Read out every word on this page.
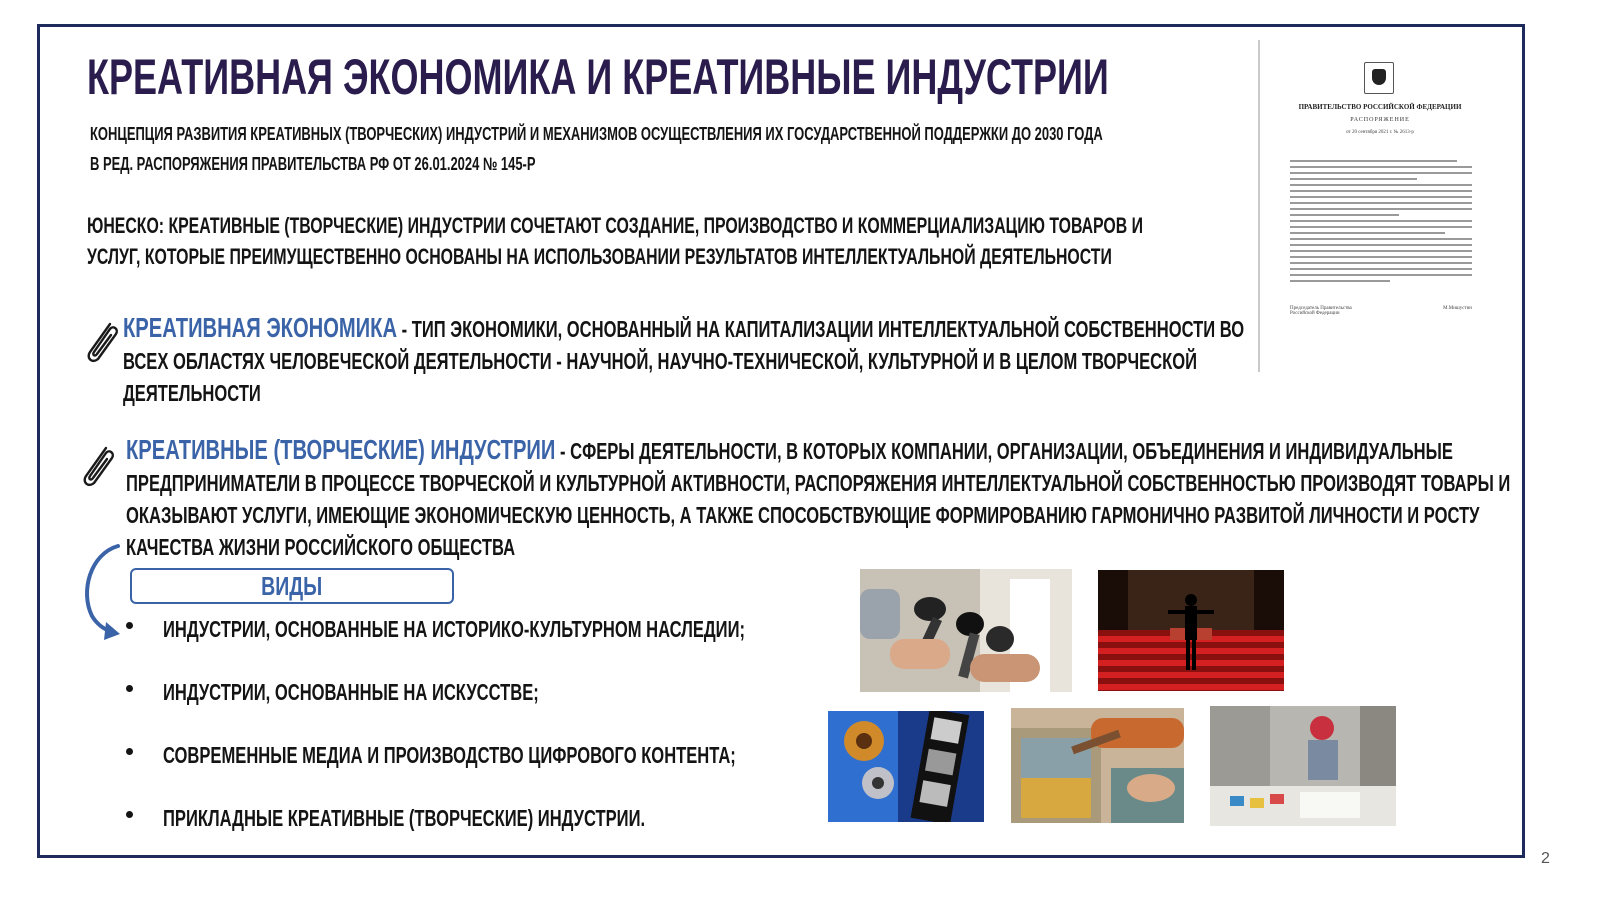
КРЕАТИВНАЯ ЭКОНОМИКА И КРЕАТИВНЫЕ ИНДУСТРИИ
КОНЦЕПЦИЯ РАЗВИТИЯ КРЕАТИВНЫХ (ТВОРЧЕСКИХ) ИНДУСТРИЙ И МЕХАНИЗМОВ ОСУЩЕСТВЛЕНИЯ ИХ ГОСУДАРСТВЕННОЙ ПОДДЕРЖКИ ДО 2030 ГОДА
В РЕД. РАСПОРЯЖЕНИЯ ПРАВИТЕЛЬСТВА РФ ОТ 26.01.2024 № 145-Р
ЮНЕСКО: КРЕАТИВНЫЕ (ТВОРЧЕСКИЕ) ИНДУСТРИИ СОЧЕТАЮТ СОЗДАНИЕ, ПРОИЗВОДСТВО И КОММЕРЦИАЛИЗАЦИЮ ТОВАРОВ И
УСЛУГ, КОТОРЫЕ ПРЕИМУЩЕСТВЕННО ОСНОВАНЫ НА ИСПОЛЬЗОВАНИИ РЕЗУЛЬТАТОВ ИНТЕЛЛЕКТУАЛЬНОЙ ДЕЯТЕЛЬНОСТИ
КРЕАТИВНАЯ ЭКОНОМИКА - ТИП ЭКОНОМИКИ, ОСНОВАННЫЙ НА КАПИТАЛИЗАЦИИ ИНТЕЛЛЕКТУАЛЬНОЙ СОБСТВЕННОСТИ ВО
ВСЕХ ОБЛАСТЯХ ЧЕЛОВЕЧЕСКОЙ ДЕЯТЕЛЬНОСТИ - НАУЧНОЙ, НАУЧНО-ТЕХНИЧЕСКОЙ, КУЛЬТУРНОЙ И В ЦЕЛОМ ТВОРЧЕСКОЙ
ДЕЯТЕЛЬНОСТИ
КРЕАТИВНЫЕ (ТВОРЧЕСКИЕ) ИНДУСТРИИ - СФЕРЫ ДЕЯТЕЛЬНОСТИ, В КОТОРЫХ КОМПАНИИ, ОРГАНИЗАЦИИ, ОБЪЕДИНЕНИЯ И ИНДИВИДУАЛЬНЫЕ
ПРЕДПРИНИМАТЕЛИ В ПРОЦЕССЕ ТВОРЧЕСКОЙ И КУЛЬТУРНОЙ АКТИВНОСТИ, РАСПОРЯЖЕНИЯ ИНТЕЛЛЕКТУАЛЬНОЙ СОБСТВЕННОСТЬЮ ПРОИЗВОДЯТ ТОВАРЫ И
ОКАЗЫВАЮТ УСЛУГИ, ИМЕЮЩИЕ ЭКОНОМИЧЕСКУЮ ЦЕННОСТЬ, А ТАКЖЕ СПОСОБСТВУЮЩИЕ ФОРМИРОВАНИЮ ГАРМОНИЧНО РАЗВИТОЙ ЛИЧНОСТИ И РОСТУ
КАЧЕСТВА ЖИЗНИ РОССИЙСКОГО ОБЩЕСТВА
ВИДЫ
ИНДУСТРИИ, ОСНОВАННЫЕ НА ИСТОРИКО-КУЛЬТУРНОМ НАСЛЕДИИ;
ИНДУСТРИИ, ОСНОВАННЫЕ НА ИСКУССТВЕ;
СОВРЕМЕННЫЕ МЕДИА И ПРОИЗВОДСТВО ЦИФРОВОГО КОНТЕНТА;
ПРИКЛАДНЫЕ КРЕАТИВНЫЕ (ТВОРЧЕСКИЕ) ИНДУСТРИИ.
ПРАВИТЕЛЬСТВО РОССИЙСКОЙ ФЕДЕРАЦИИ
РАСПОРЯЖЕНИЕ
от 20 сентября 2021 г. № 2613-р
Председатель Правительства Российской Федерации
М.Мишустин
2
